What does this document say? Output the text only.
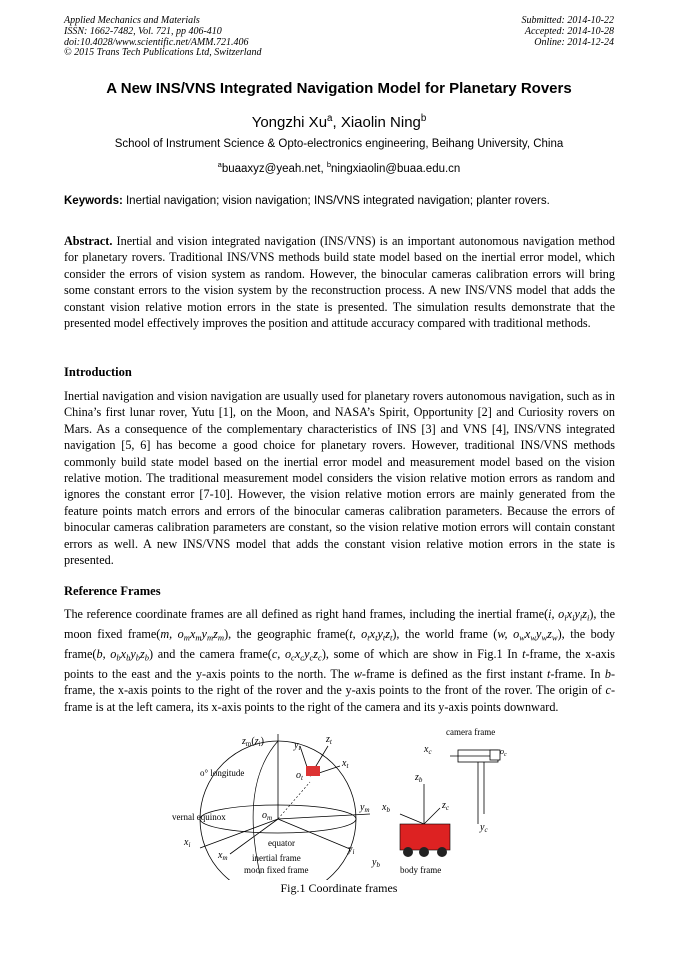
Applied Mechanics and Materials
ISSN: 1662-7482, Vol. 721, pp 406-410
doi:10.4028/www.scientific.net/AMM.721.406
© 2015 Trans Tech Publications Ltd, Switzerland
Submitted: 2014-10-22
Accepted: 2014-10-28
Online: 2014-12-24
A New INS/VNS Integrated Navigation Model for Planetary Rovers
Yongzhi Xu$^a$, Xiaolin Ning$^b$
School of Instrument Science & Opto-electronics engineering, Beihang University, China
$^a$buaaxyz@yeah.net, $^b$ningxiaolin@buaa.edu.cn
Keywords: Inertial navigation; vision navigation; INS/VNS integrated navigation; planter rovers.
Abstract. Inertial and vision integrated navigation (INS/VNS) is an important autonomous navigation method for planetary rovers. Traditional INS/VNS methods build state model based on the inertial error model, which consider the errors of vision system as random. However, the binocular cameras calibration errors will bring some constant errors to the vision system by the reconstruction process. A new INS/VNS model that adds the constant vision relative motion errors in the state is presented. The simulation results demonstrate that the presented model effectively improves the position and attitude accuracy compared with traditional methods.
Introduction
Inertial navigation and vision navigation are usually used for planetary rovers autonomous navigation, such as in China’s first lunar rover, Yutu [1], on the Moon, and NASA’s Spirit, Opportunity [2] and Curiosity rovers on Mars. As a consequence of the complementary characteristics of INS [3] and VNS [4], INS/VNS integrated navigation [5, 6] has become a good choice for planetary rovers. However, traditional INS/VNS methods commonly build state model based on the inertial error model and measurement model based on the vision relative motion. The traditional measurement model considers the vision relative motion errors as random and ignores the constant error [7-10]. However, the vision relative motion errors are mainly generated from the feature points match errors and errors of the binocular cameras calibration parameters. Because the errors of binocular cameras calibration parameters are constant, so the vision relative motion errors will contain constant errors as well. A new INS/VNS model that adds the constant vision relative motion errors in the state is presented.
Reference Frames
The reference coordinate frames are all defined as right hand frames, including the inertial frame(i, $o_ix_iy_iz_i$), the moon fixed frame(m, $o_mx_my_mz_m$), the geographic frame(t, $o_tx_ty_tz_t$), the world frame (w, $o_wx_wy_wz_w$), the body frame(b, $o_bx_by_bz_b$) and the camera frame(c, $o_cx_cy_cz_c$), some of which are show in Fig.1 In t-frame, the x-axis points to the east and the y-axis points to the north. The w-frame is defined as the first instant t-frame. In b-frame, the x-axis points to the right of the rover and the y-axis points to the front of the rover. The origin of c-frame is at the left camera, its x-axis points to the right of the camera and its y-axis points downward.
$z_m(z_i)$	$y_t$
$z_t$
$x_t$
$o_t$
o° longitude
vernal equinox	$o_m$
$y_m$
$x_i$
$x_m$
equator
$y_i$
inertial frame
moon fixed frame
camera frame
$x_c$	$o_c$
$z_b$
$x_b$	$z_c$
$y_b$
$y_c$
body frame
Fig.1 Coordinate frames
